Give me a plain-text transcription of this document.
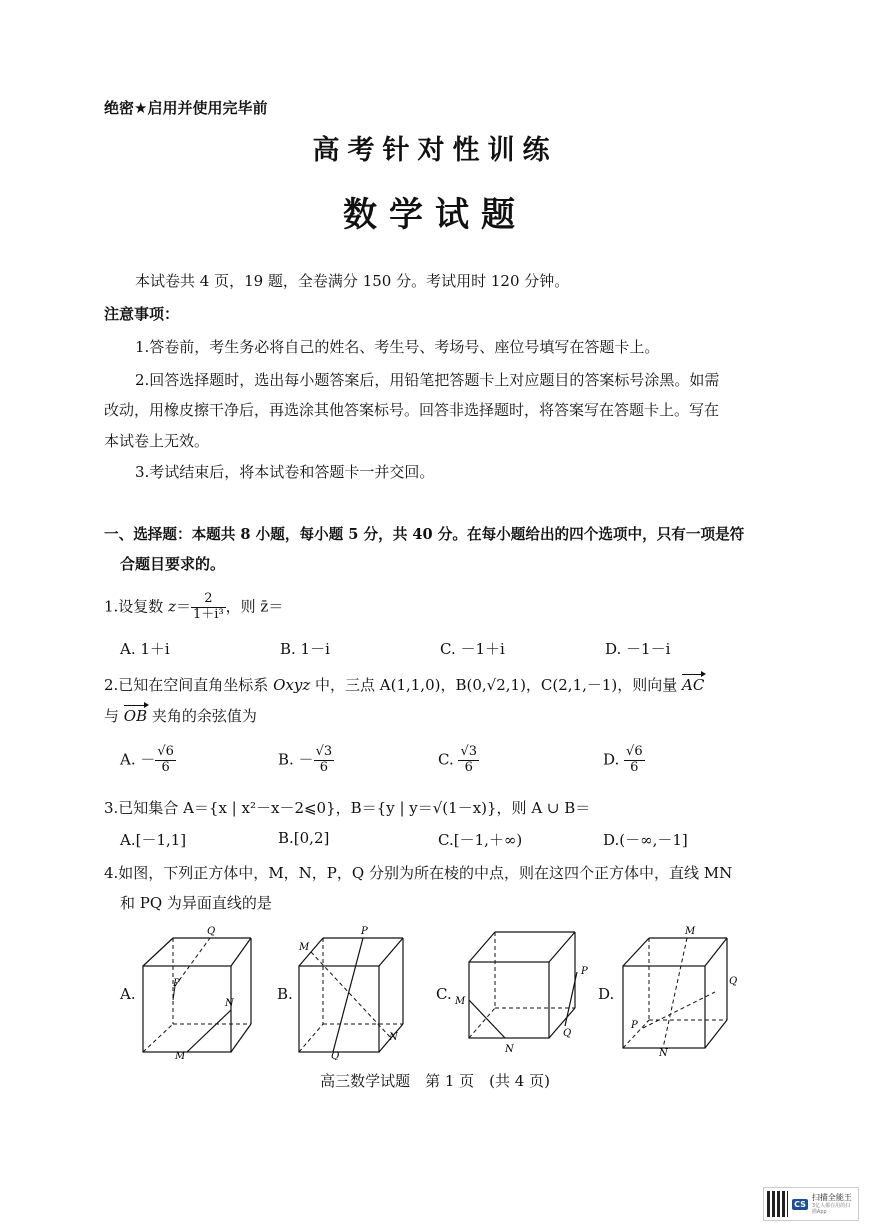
绝密★启用并使用完毕前
高考针对性训练
数学试题
本试卷共 4 页，19 题，全卷满分 150 分。考试用时 120 分钟。
注意事项：
1.答卷前，考生务必将自己的姓名、考生号、考场号、座位号填写在答题卡上。
2.回答选择题时，选出每小题答案后，用铅笔把答题卡上对应题目的答案标号涂黑。如需
改动，用橡皮擦干净后，再选涂其他答案标号。回答非选择题时，将答案写在答题卡上。写在
本试卷上无效。
3.考试结束后，将本试卷和答题卡一并交回。
一、选择题：本题共 8 小题，每小题 5 分，共 40 分。在每小题给出的四个选项中，只有一项是符
合题目要求的。
1.设复数 $z= \frac{2}{\text{1＋i³}}$ ，则 z̄＝
A. 1＋i	B. 1－i	C. －1＋i	D. －1－i
2.已知在空间直角坐标系 Oxyz 中，三点 A(1,1,0)，B(0,√2,1)，C(2,1,－1)，则向量 AC
与 OB 夹角的余弦值为
A. － $\frac{√6}{6}$	B. － $\frac{√3}{6}$	C. $\frac{√3}{6}$	D. $\frac{√6}{6}$
3.已知集合 A＝{x | x²－x－2⩽0}，B＝{y | y＝√(1－x)}，则 A ∪ B＝
A.[－1,1]	B.[0,2]	C.[－1,＋∞)	D.(－∞,－1]
4.如图，下列正方体中，M，N，P，Q 分别为所在棱的中点，则在这四个正方体中，直线 MN
和 PQ 为异面直线的是
A.	B.	C.	D.
Q
P
N
M
M
P
N
Q
M
P
Q
N
M
Q
P
N
高三数学试题　第 1 页　(共 4 页)
CS
扫描全能王
3亿人都在用的扫描App
